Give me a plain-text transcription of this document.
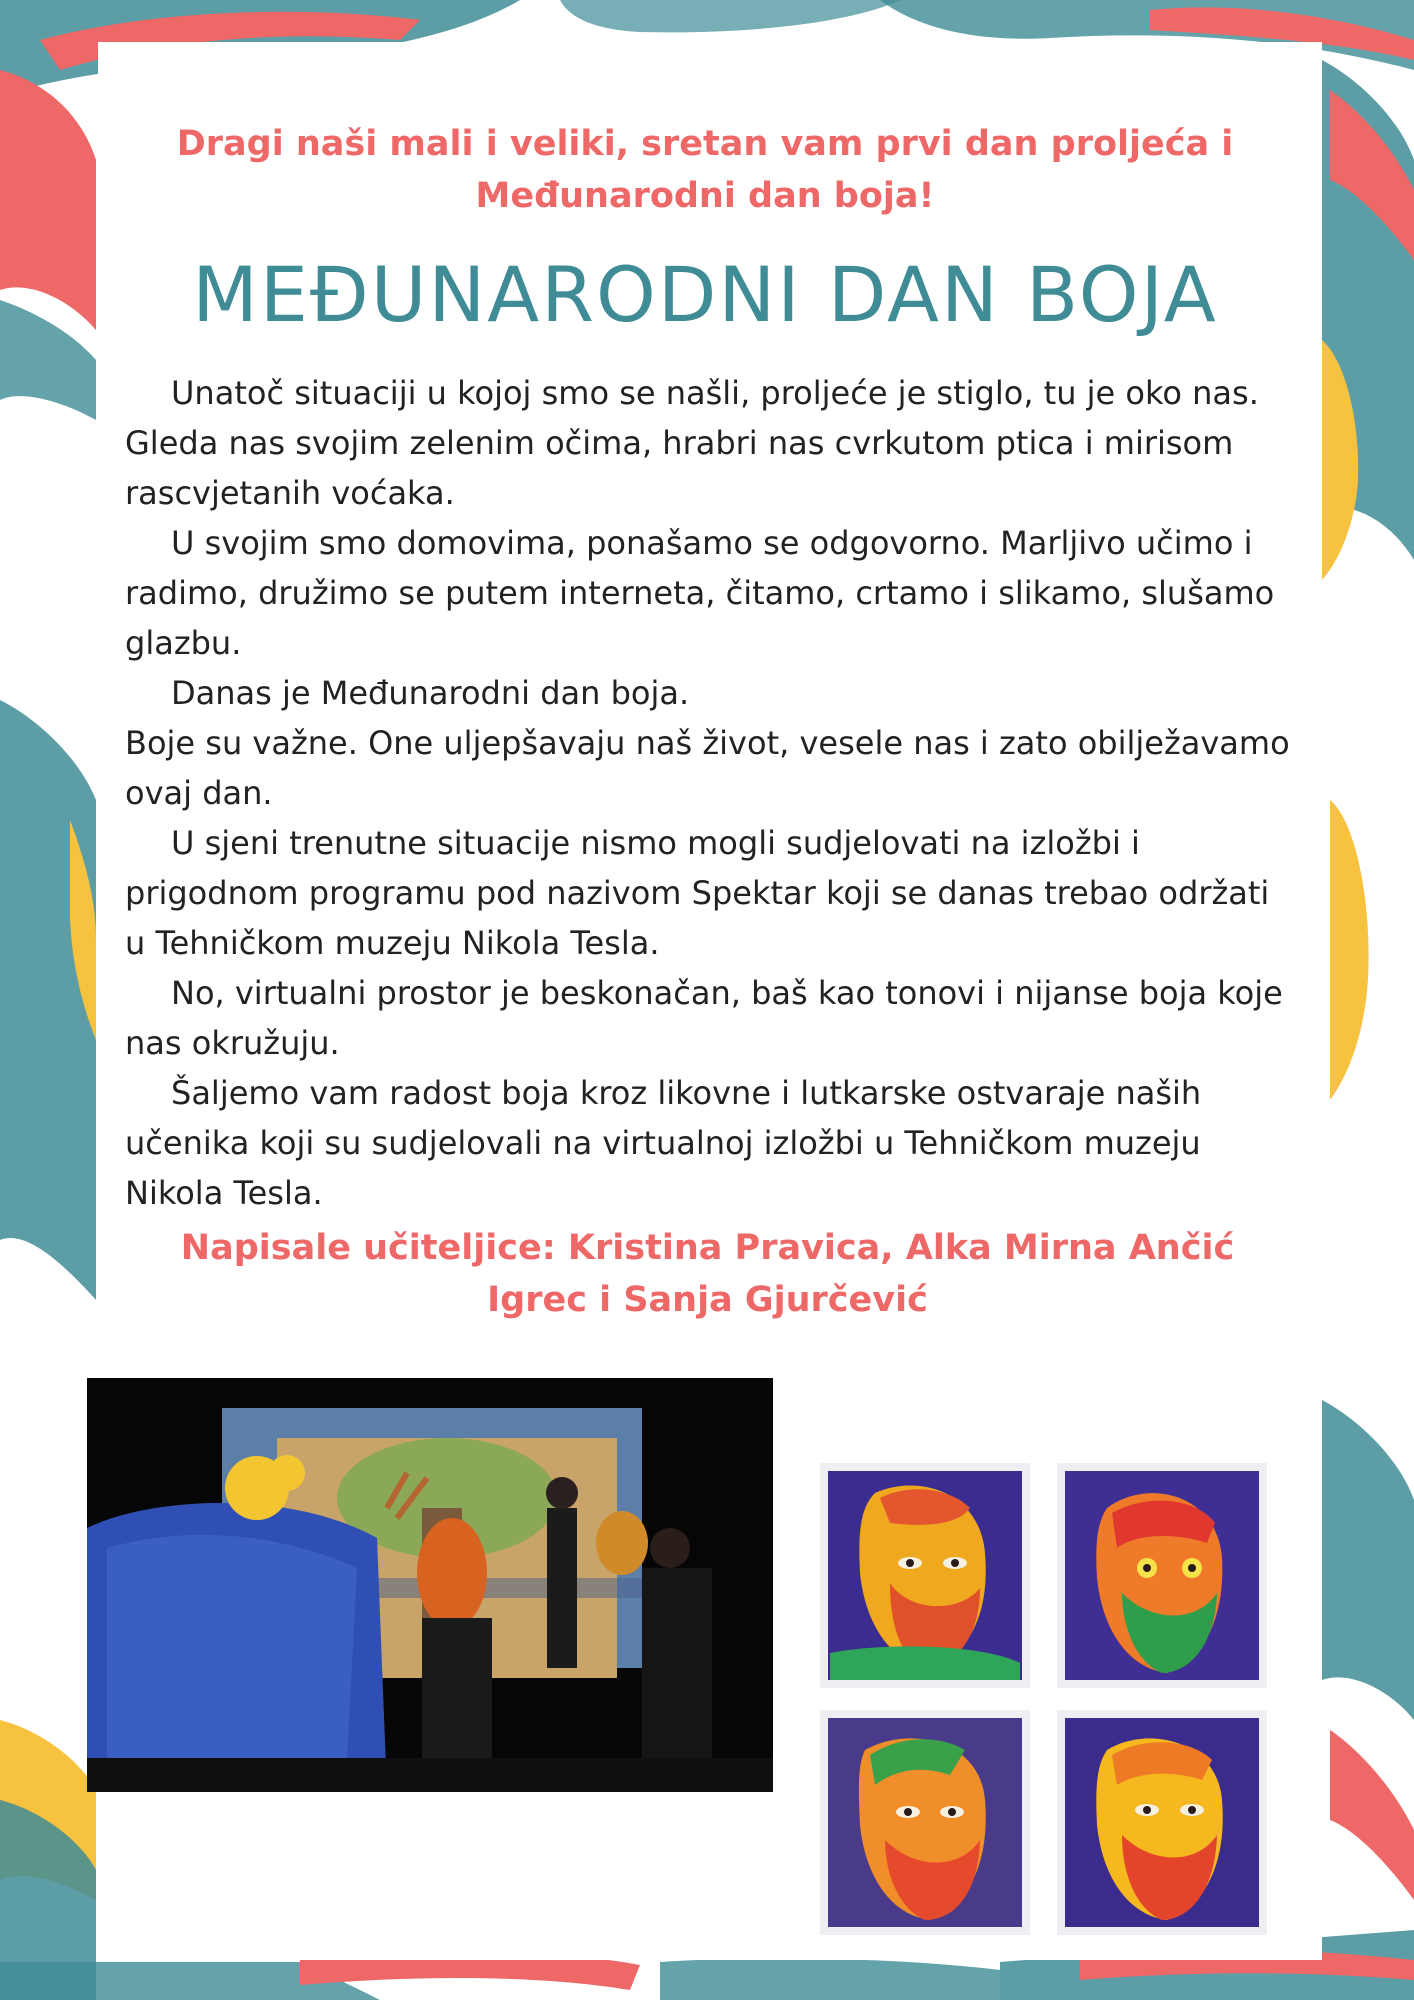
Dragi naši mali i veliki, sretan vam prvi dan proljeća i Međunarodni dan boja!
MEĐUNARODNI DAN BOJA

Unatoč situaciji u kojoj smo se našli, proljeće je stiglo, tu je oko nas. Gleda nas svojim zelenim očima, hrabri nas cvrkutom ptica i mirisom rascvjetanih voćaka.

U svojim smo domovima, ponašamo se odgovorno. Marljivo učimo i radimo, družimo se putem interneta, čitamo, crtamo i slikamo, slušamo glazbu.

Danas je Međunarodni dan boja.

Boje su važne. One uljepšavaju naš život, vesele nas i zato obilježavamo ovaj dan.

U sjeni trenutne situacije nismo mogli sudjelovati na izložbi i prigodnom programu pod nazivom Spektar koji se danas trebao održati u Tehničkom muzeju Nikola Tesla.

No, virtualni prostor je beskonačan, baš kao tonovi i nijanse boja koje nas okružuju.

Šaljemo vam radost boja kroz likovne i lutkarske ostvaraje naših učenika koji su sudjelovali na virtualnoj izložbi u Tehničkom muzeju Nikola Tesla.

Napisale učiteljice: Kristina Pravica, Alka Mirna Ančić Igrec i Sanja Gjurčević
